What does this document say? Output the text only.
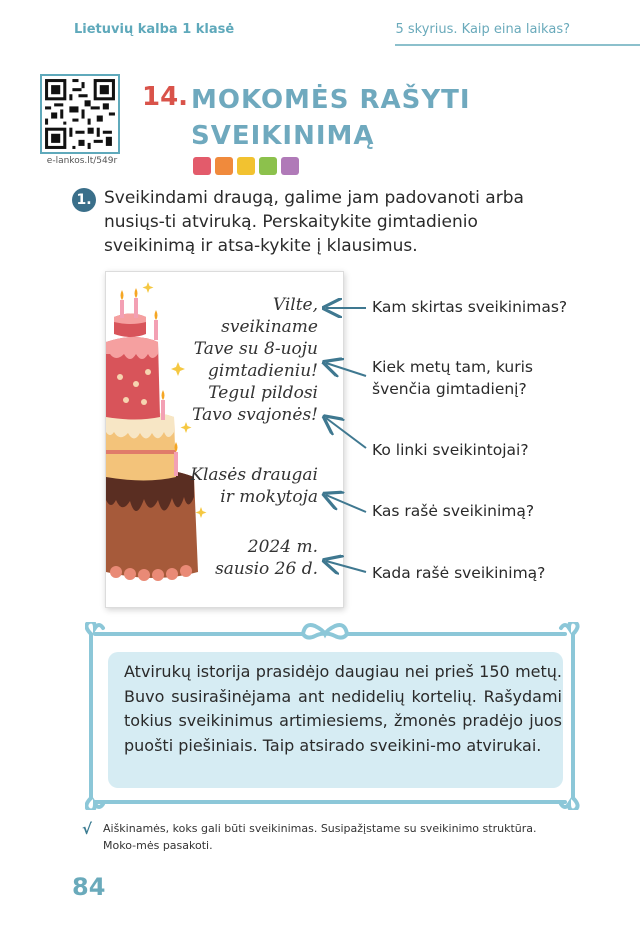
Lietuvių kalba 1 klasė	5 skyrius. Kaip eina laikas?
e-lankos.lt/549r
14. MOKOMĖS RAŠYTI
SVEIKINIMĄ
1. Sveikindami draugą, galime jam padovanoti arba nusiųs-ti atviruką. Perskaitykite gimtadienio sveikinimą ir atsa-kykite į klausimus.
Vilte,
sveikiname
Tave su 8-uoju
gimtadieniu!
Tegul pildosi
Tavo svajonės!
Klasės draugai
ir mokytoja
2024 m.
sausio 26 d.
Kam skirtas sveikinimas?
Kiek metų tam, kuris
švenčia gimtadienį?
Ko linki sveikintojai?
Kas rašė sveikinimą?
Kada rašė sveikinimą?
Atvirukų istorija prasidėjo daugiau nei prieš 150 metų. Buvo susirašinėjama ant nedidelių kortelių. Rašydami tokius sveikinimus artimiesiems, žmonės pradėjo juos puošti piešiniais. Taip atsirado sveikini-mo atvirukai.
√ Aiškinamės, koks gali būti sveikinimas. Susipažįstame su sveikinimo struktūra. Moko-mės pasakoti.
84
